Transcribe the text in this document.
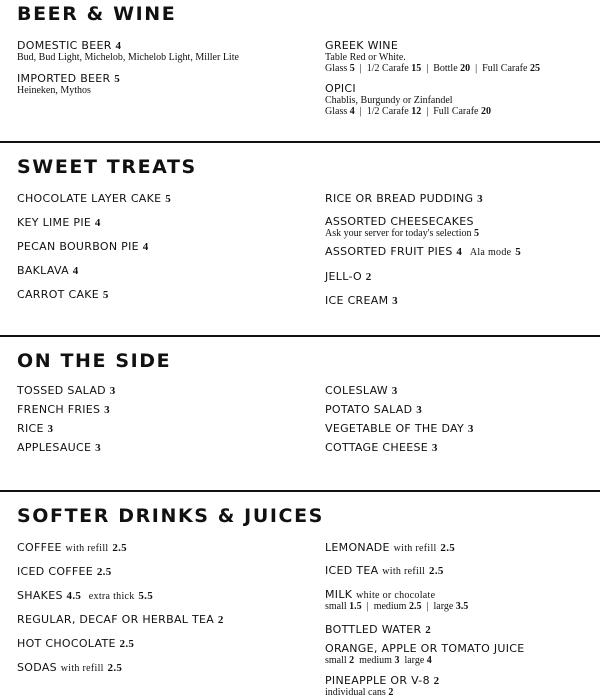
BEER & WINE
DOMESTIC BEER 4
Bud, Bud Light, Michelob, Michelob Light, Miller Lite
IMPORTED BEER 5
Heineken, Mythos
GREEK WINE
Table Red or White.
Glass 5  |  1/2 Carafe 15  |  Bottle 20  |  Full Carafe 25
OPICI
Chablis, Burgundy or Zinfandel
Glass 4  |  1/2 Carafe 12  |  Full Carafe 20
SWEET TREATS
CHOCOLATE LAYER CAKE 5
KEY LIME PIE 4
PECAN BOURBON PIE 4
BAKLAVA 4
CARROT CAKE 5
RICE OR BREAD PUDDING 3
ASSORTED CHEESECAKES
Ask your server for today's selection 5
ASSORTED FRUIT PIES 4 Ala mode 5
JELL-O 2
ICE CREAM 3
ON THE SIDE
TOSSED SALAD 3
FRENCH FRIES 3
RICE 3
APPLESAUCE 3
COLESLAW 3
POTATO SALAD 3
VEGETABLE OF THE DAY 3
COTTAGE CHEESE 3
SOFTER DRINKS & JUICES
COFFEE with refill 2.5
ICED COFFEE 2.5
SHAKES 4.5 extra thick 5.5
REGULAR, DECAF OR HERBAL TEA 2
HOT CHOCOLATE 2.5
SODAS with refill 2.5
LEMONADE with refill 2.5
ICED TEA with refill 2.5
MILK white or chocolate
small 1.5  |  medium 2.5  |  large 3.5
BOTTLED WATER 2
ORANGE, APPLE OR TOMATO JUICE
small 2 medium 3 large 4
PINEAPPLE OR V-8 2
individual cans 2
